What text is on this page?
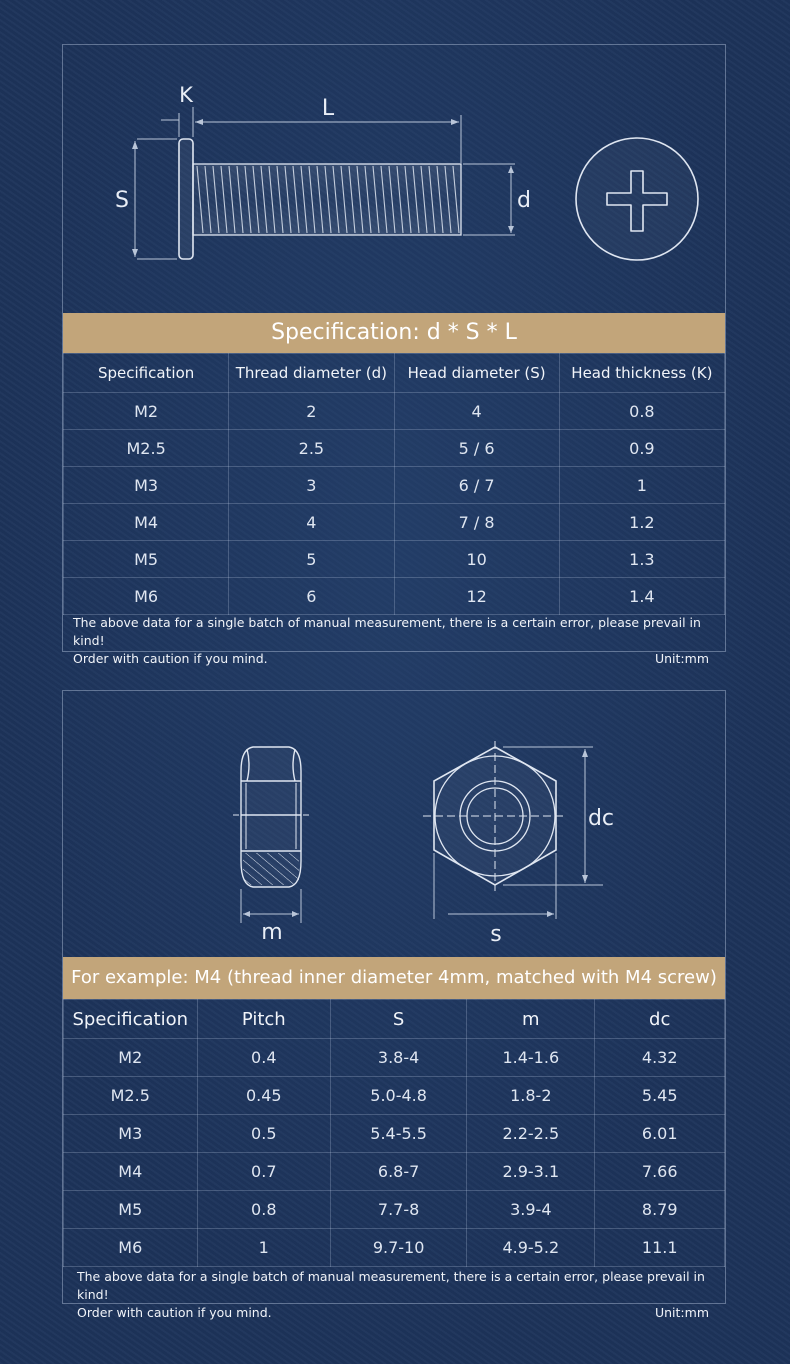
K
L
S	d
Specification: d * S * L
Specification	Thread diameter (d)	Head diameter (S)	Head thickness (K)
M2	2	4	0.8
M2.5	2.5	5 / 6	0.9
M3	3	6 / 7	1
M4	4	7 / 8	1.2
M5	5	10	1.3
M6	6	12	1.4
The above data for a single batch of manual measurement, there is a certain error, please prevail in kind!
Order with caution if you mind.	Unit:mm
m
dc
s
For example: M4 (thread inner diameter 4mm, matched with M4 screw)
Specification	Pitch	S	m	dc
M2	0.4	3.8-4	1.4-1.6	4.32
M2.5	0.45	5.0-4.8	1.8-2	5.45
M3	0.5	5.4-5.5	2.2-2.5	6.01
M4	0.7	6.8-7	2.9-3.1	7.66
M5	0.8	7.7-8	3.9-4	8.79
M6	1	9.7-10	4.9-5.2	11.1
The above data for a single batch of manual measurement, there is a certain error, please prevail in kind!
Order with caution if you mind.	Unit:mm
